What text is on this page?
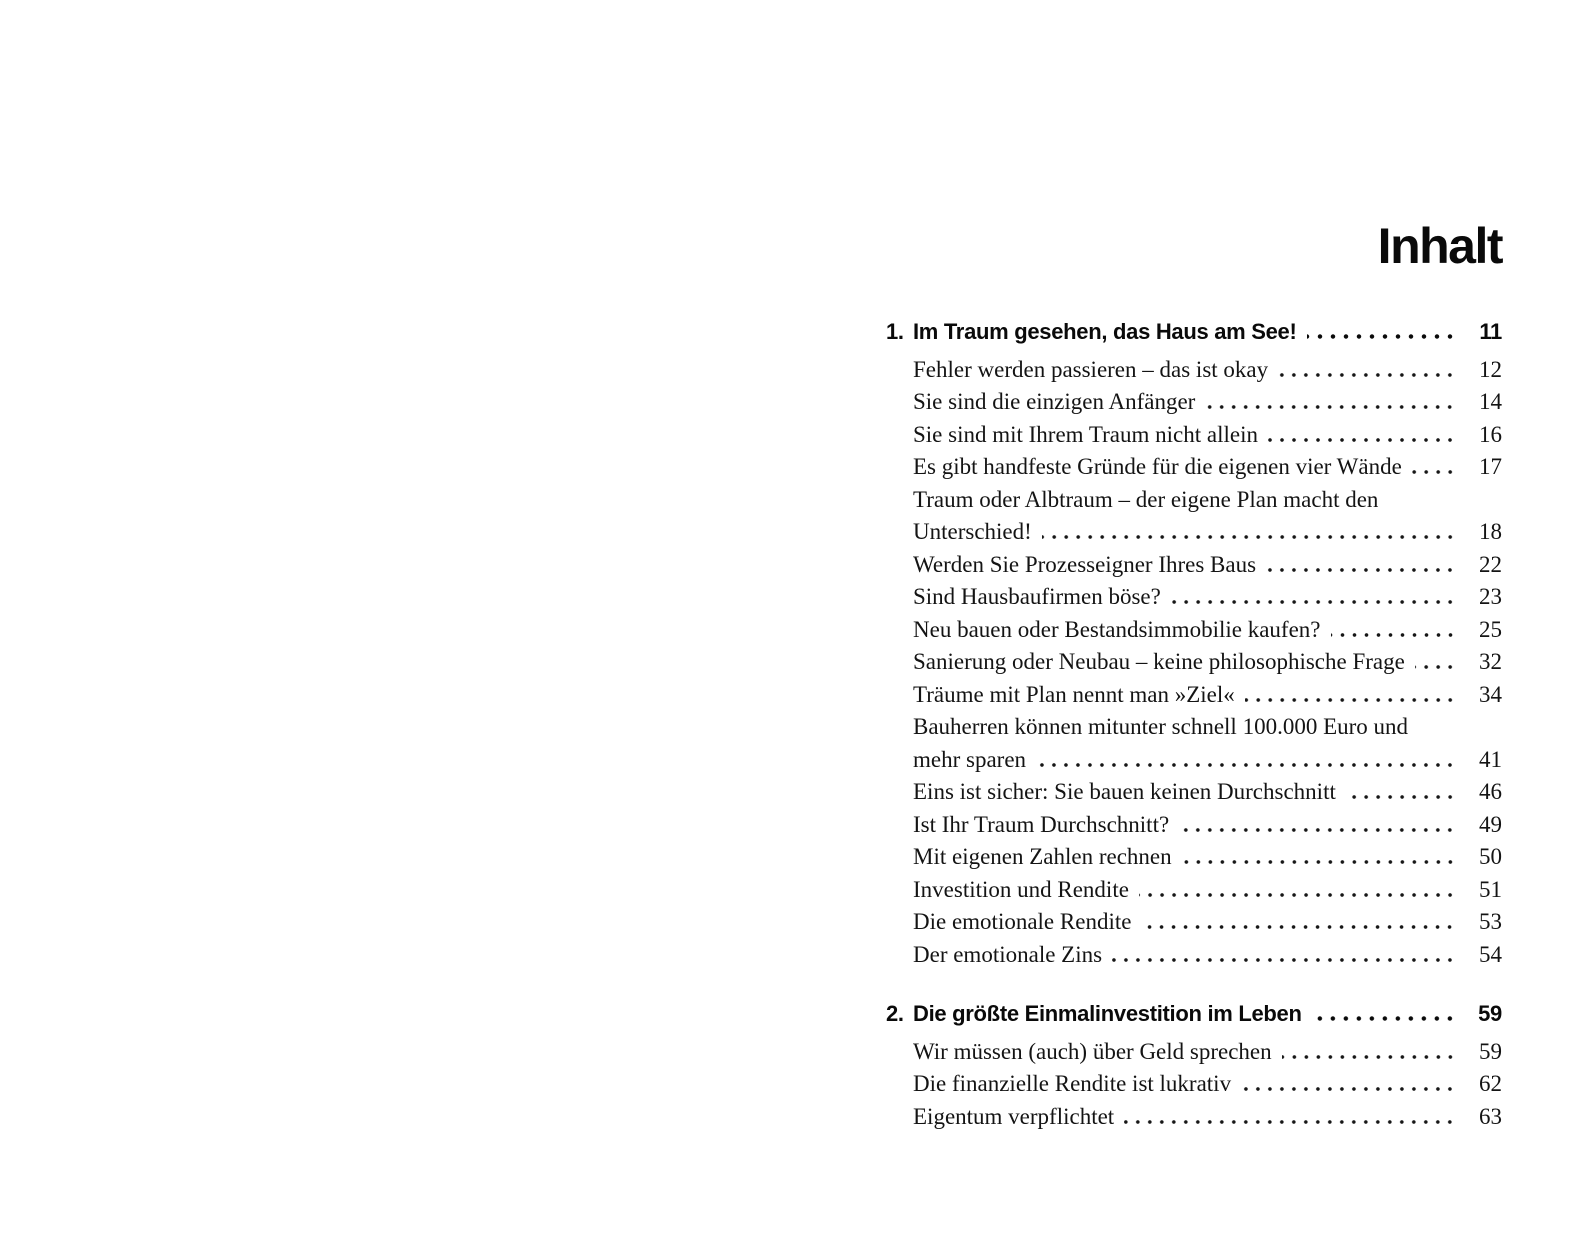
Inhalt
1. Im Traum gesehen, das Haus am See!	11
Fehler werden passieren – das ist okay	12
Sie sind die einzigen Anfänger	14
Sie sind mit Ihrem Traum nicht allein	16
Es gibt handfeste Gründe für die eigenen vier Wände	17
Traum oder Albtraum – der eigene Plan macht den
Unterschied!	18
Werden Sie Prozesseigner Ihres Baus	22
Sind Hausbaufirmen böse?	23
Neu bauen oder Bestandsimmobilie kaufen?	25
Sanierung oder Neubau – keine philosophische Frage	32
Träume mit Plan nennt man »Ziel«	34
Bauherren können mitunter schnell 100.000 Euro und
mehr sparen	41
Eins ist sicher: Sie bauen keinen Durchschnitt	46
Ist Ihr Traum Durchschnitt?	49
Mit eigenen Zahlen rechnen	50
Investition und Rendite	51
Die emotionale Rendite	53
Der emotionale Zins	54
2. Die größte Einmalinvestition im Leben	59
Wir müssen (auch) über Geld sprechen	59
Die finanzielle Rendite ist lukrativ	62
Eigentum verpflichtet	63
